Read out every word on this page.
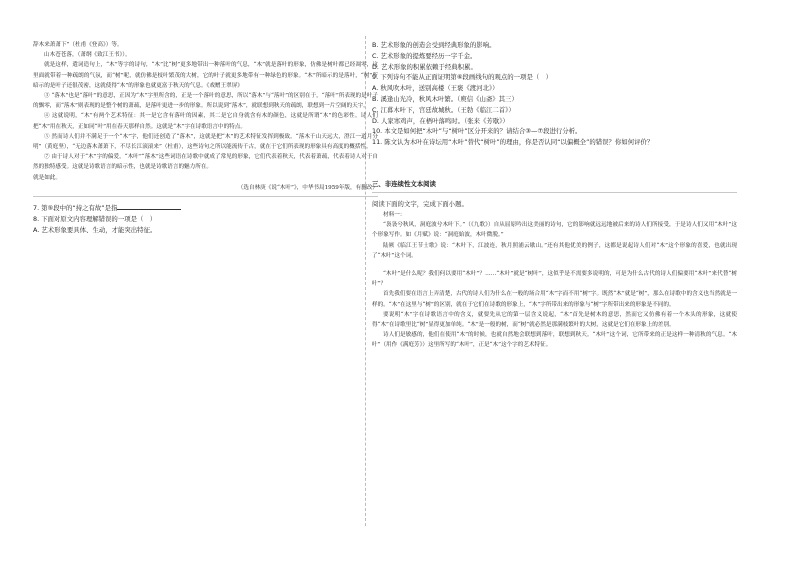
辞木来萧萧下”（杜甫《登高》）等。

山木苍苍落，（萧纲《致江王书》）。

就是这样，遣词造句上，“木”等字的诗句，“木”比“树”更多地带出一种落叶的气息，“木”就是落叶的形象，仿佛是树叶都已经凋零，这里面就带着一种疏朗的气氛，而“树”呢，就仿佛是枝叶繁茂的大树，它的叶子就更多地带有一种绿色的形象。“木”所暗示的是落叶，“树”所暗示的是叶子还很茂密，这就使得“木”的形象也就更富于秋天的气息。《戏赠王翠屏》

③ “落木”也是“落叶”的意思，正因为“木”字里所含的，正是一个落叶的意思，所以“落木”与“落叶”的区别在于，“落叶”所表现的是叶子的飘零，而“落木”则表现的是整个树的萧疏，是落叶更进一步的形象。所以说到“落木”，就联想到秋天的疏朗，联想到一片空阔的天宇。

④ 这就说明，“木”有两个艺术特征：其一是它含有落叶的因素，其二是它自身就含有木的颜色，这就是所谓“木”的色彩性。诗人们把“木”用在秋天，正如同“叶”用在春天那样自然。这就是“木”字在诗歌语言中的特点。

⑤ 然而诗人们并不满足于一个“木”字，他们还创造了“落木”，这就是把“木”的艺术特征发挥到极致。“落木千山天远大，澄江一道月分明”（黄庭坚），“无边落木萧萧下，不尽长江滚滚来”（杜甫），这些诗句之所以能流传千古，就在于它们所表现的形象具有高度的概括性。

⑦ 由于诗人对于“木”字的偏爱，“木叶”“落木”这些词语在诗歌中就成了常见的形象，它们代表着秋天，代表着萧疏，代表着诗人对于自然的独特感受。这就是诗歌语言的暗示性，也就是诗歌语言的魅力所在。

就是如此。

（选自林庚《说“木叶”》，中华书局1959年版，有删改）

7. 第⑤段中的“持之有故”是指

8. 下面对原文内容理解错误的一项是（　）

A. 艺术形象要具体、生动，才能突出特征。

B. 艺术形象的创造会受到经典形象的影响。

C. 艺术形象的提炼要经历一字千金。

D. 艺术形象的积累依赖于经典积累。

9. 下列诗句不能从正面证明第⑥段画线句的观点的一项是（　）

A. 秋风吹木叶，送别高楼（王褒《渡河北》）

B. 溪逢山光冷，秋风木叶繁。（庾信《山斋》其三）

C. 江暮木叶下，宫廷故城秋。（王勃《临江二首》）

D. 人家寒鸡声，在梧叶落鸣时。（张来《芳歇》）

10. 本文是如何把“木叶”与“树叶”区分开来的？请结合③—⑦段进行分析。

11. 陈文认为木叶在诗坛用“木叶”替代“树叶”的理由，你是否认同“以偏概全”的错误？你如何评价？

三、非连续性文本阅读

阅读下面的文字，完成下面小题。

材料一：

“袅袅兮秋风，洞庭波兮木叶下。”（《九歌》）自从屈原吟出这美丽的诗句，它的影响就远远地被后来的诗人们所接受，于是诗人们又用“木叶”这个形象写作。如《月赋》说：“洞庭始波，木叶微脱。”

陆厥《临江王节士歌》说：“木叶下，江波连，秋月照浦云歇山。”还有其他优美的例子，这都是说起诗人们对“木”这个形象的喜爱，也就出现了“木叶”这个词。

“木叶”是什么呢？我们何以要用“木叶”？……“木叶”就是“树叶”，这似乎是不需要多说明的，可是为什么古代的诗人们偏要用“木叶”来代替“树叶”？

首先我们要在语言上弄清楚，古代的诗人们为什么在一般的场合用“木”字而不用“树”字。既然“木”就是“树”，那么在诗歌中的含义也当然就是一样的。“木”在这里与“树”的区别，就在于它们在诗歌的形象上，“木”字所带出来的形象与“树”字所带出来的形象是不同的。

要说明“木”字在诗歌语言中的含义，就要先从它的第一层含义说起，“木”首先是树木的意思，然而它又仿佛有着一个木头的形象，这就使得“木”在诗歌里比“树”显得更加单纯。“木”是一般的树，而“树”就必然是那满枝繁叶的大树，这就是它们在形象上的差别。

诗人们是敏感的，他们在使用“木”的时候，也就自然地会联想到落叶，联想到秋天。“木叶”这个词，它所带来的正是这样一种清秋的气息。“木叶”（用作《满庭芳》）这里所写的“木叶”，正是“木”这个字的艺术特征。
